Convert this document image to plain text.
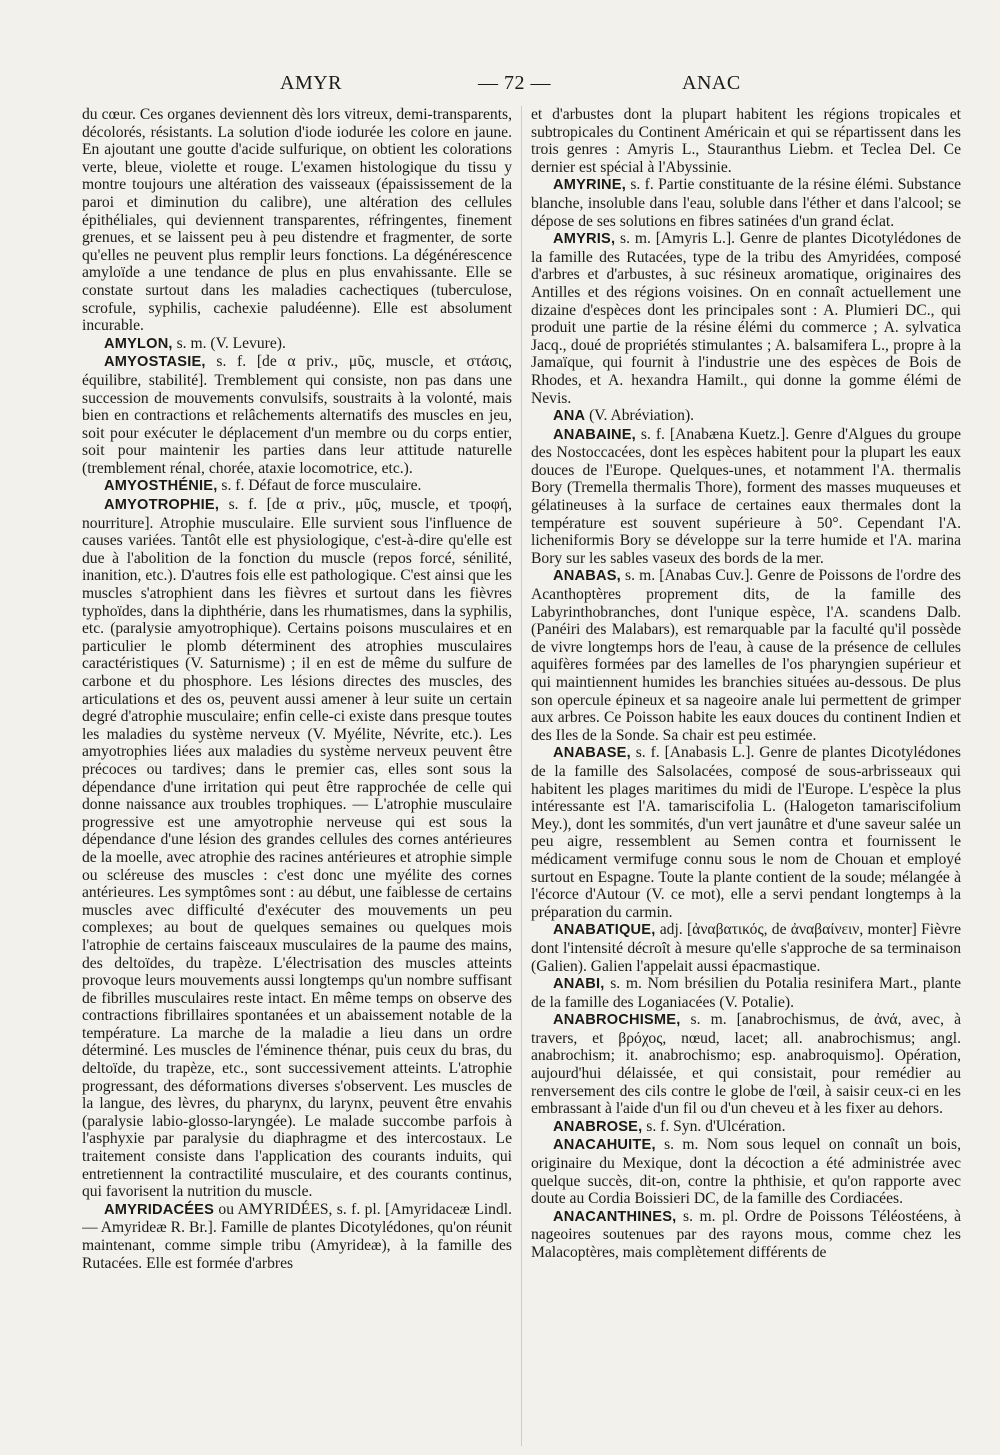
AMYR	— 72 —	ANAC

du cœur. Ces organes deviennent dès lors vitreux, demi-transparents, décolorés, résistants. La solution d'iode iodurée les colore en jaune. En ajoutant une goutte d'acide sulfurique, on obtient les colorations verte, bleue, violette et rouge. L'examen histologique du tissu y montre toujours une altération des vaisseaux (épaississement de la paroi et diminution du calibre), une altération des cellules épithéliales, qui deviennent transparentes, réfringentes, finement grenues, et se laissent peu à peu distendre et fragmenter, de sorte qu'elles ne peuvent plus remplir leurs fonctions. La dégénérescence amyloïde a une tendance de plus en plus envahissante. Elle se constate surtout dans les maladies cachectiques (tuberculose, scrofule, syphilis, cachexie paludéenne). Elle est absolument incurable.

AMYLON, s. m. (V. Levure).

AMYOSTASIE, s. f. [de α priv., μῦς, muscle, et στάσις, équilibre, stabilité]. Tremblement qui consiste, non pas dans une succession de mouvements convulsifs, soustraits à la volonté, mais bien en contractions et relâchements alternatifs des muscles en jeu, soit pour exécuter le déplacement d'un membre ou du corps entier, soit pour maintenir les parties dans leur attitude naturelle (tremblement rénal, chorée, ataxie locomotrice, etc.).

AMYOSTHÉNIE, s. f. Défaut de force musculaire.

AMYOTROPHIE, s. f. [de α priv., μῦς, muscle, et τροφή, nourriture]. Atrophie musculaire. Elle survient sous l'influence de causes variées. Tantôt elle est physiologique, c'est-à-dire qu'elle est due à l'abolition de la fonction du muscle (repos forcé, sénilité, inanition, etc.). D'autres fois elle est pathologique. C'est ainsi que les muscles s'atrophient dans les fièvres et surtout dans les fièvres typhoïdes, dans la diphthérie, dans les rhumatismes, dans la syphilis, etc. (paralysie amyotrophique). Certains poisons musculaires et en particulier le plomb déterminent des atrophies musculaires caractéristiques (V. Saturnisme) ; il en est de même du sulfure de carbone et du phosphore. Les lésions directes des muscles, des articulations et des os, peuvent aussi amener à leur suite un certain degré d'atrophie musculaire; enfin celle-ci existe dans presque toutes les maladies du système nerveux (V. Myélite, Névrite, etc.). Les amyotrophies liées aux maladies du système nerveux peuvent être précoces ou tardives; dans le premier cas, elles sont sous la dépendance d'une irritation qui peut être rapprochée de celle qui donne naissance aux troubles trophiques. — L'atrophie musculaire progressive est une amyotrophie nerveuse qui est sous la dépendance d'une lésion des grandes cellules des cornes antérieures de la moelle, avec atrophie des racines antérieures et atrophie simple ou scléreuse des muscles : c'est donc une myélite des cornes antérieures. Les symptômes sont : au début, une faiblesse de certains muscles avec difficulté d'exécuter des mouvements un peu complexes; au bout de quelques semaines ou quelques mois l'atrophie de certains faisceaux musculaires de la paume des mains, des deltoïdes, du trapèze. L'électrisation des muscles atteints provoque leurs mouvements aussi longtemps qu'un nombre suffisant de fibrilles musculaires reste intact. En même temps on observe des contractions fibrillaires spontanées et un abaissement notable de la température. La marche de la maladie a lieu dans un ordre déterminé. Les muscles de l'éminence thénar, puis ceux du bras, du deltoïde, du trapèze, etc., sont successivement atteints. L'atrophie progressant, des déformations diverses s'observent. Les muscles de la langue, des lèvres, du pharynx, du larynx, peuvent être envahis (paralysie labio-glosso-laryngée). Le malade succombe parfois à l'asphyxie par paralysie du diaphragme et des intercostaux. Le traitement consiste dans l'application des courants induits, qui entretiennent la contractilité musculaire, et des courants continus, qui favorisent la nutrition du muscle.

AMYRIDACÉES ou AMYRIDÉES, s. f. pl. [Amyridaceæ Lindl. — Amyrideæ R. Br.]. Famille de plantes Dicotylédones, qu'on réunit maintenant, comme simple tribu (Amyrideæ), à la famille des Rutacées. Elle est formée d'arbres

et d'arbustes dont la plupart habitent les régions tropicales et subtropicales du Continent Américain et qui se répartissent dans les trois genres : Amyris L., Stauranthus Liebm. et Teclea Del. Ce dernier est spécial à l'Abyssinie.

AMYRINE, s. f. Partie constituante de la résine élémi. Substance blanche, insoluble dans l'eau, soluble dans l'éther et dans l'alcool; se dépose de ses solutions en fibres satinées d'un grand éclat.

AMYRIS, s. m. [Amyris L.]. Genre de plantes Dicotylédones de la famille des Rutacées, type de la tribu des Amyridées, composé d'arbres et d'arbustes, à suc résineux aromatique, originaires des Antilles et des régions voisines. On en connaît actuellement une dizaine d'espèces dont les principales sont : A. Plumieri DC., qui produit une partie de la résine élémi du commerce ; A. sylvatica Jacq., doué de propriétés stimulantes ; A. balsamifera L., propre à la Jamaïque, qui fournit à l'industrie une des espèces de Bois de Rhodes, et A. hexandra Hamilt., qui donne la gomme élémi de Nevis.

ANA (V. Abréviation).

ANABAINE, s. f. [Anabæna Kuetz.]. Genre d'Algues du groupe des Nostoccacées, dont les espèces habitent pour la plupart les eaux douces de l'Europe. Quelques-unes, et notamment l'A. thermalis Bory (Tremella thermalis Thore), forment des masses muqueuses et gélatineuses à la surface de certaines eaux thermales dont la température est souvent supérieure à 50°. Cependant l'A. licheniformis Bory se développe sur la terre humide et l'A. marina Bory sur les sables vaseux des bords de la mer.

ANABAS, s. m. [Anabas Cuv.]. Genre de Poissons de l'ordre des Acanthoptères proprement dits, de la famille des Labyrinthobranches, dont l'unique espèce, l'A. scandens Dalb. (Panéiri des Malabars), est remarquable par la faculté qu'il possède de vivre longtemps hors de l'eau, à cause de la présence de cellules aquifères formées par des lamelles de l'os pharyngien supérieur et qui maintiennent humides les branchies situées au-dessous. De plus son opercule épineux et sa nageoire anale lui permettent de grimper aux arbres. Ce Poisson habite les eaux douces du continent Indien et des Iles de la Sonde. Sa chair est peu estimée.

ANABASE, s. f. [Anabasis L.]. Genre de plantes Dicotylédones de la famille des Salsolacées, composé de sous-arbrisseaux qui habitent les plages maritimes du midi de l'Europe. L'espèce la plus intéressante est l'A. tamariscifolia L. (Halogeton tamariscifolium Mey.), dont les sommités, d'un vert jaunâtre et d'une saveur salée un peu aigre, ressemblent au Semen contra et fournissent le médicament vermifuge connu sous le nom de Chouan et employé surtout en Espagne. Toute la plante contient de la soude; mélangée à l'écorce d'Autour (V. ce mot), elle a servi pendant longtemps à la préparation du carmin.

ANABATIQUE, adj. [ἀναβατικός, de ἀναβαίνειν, monter] Fièvre dont l'intensité décroît à mesure qu'elle s'approche de sa terminaison (Galien). Galien l'appelait aussi épacmastique.

ANABI, s. m. Nom brésilien du Potalia resinifera Mart., plante de la famille des Loganiacées (V. Potalie).

ANABROCHISME, s. m. [anabrochismus, de ἀνά, avec, à travers, et βρόχος, nœud, lacet; all. anabrochismus; angl. anabrochism; it. anabrochismo; esp. anabroquismo]. Opération, aujourd'hui délaissée, et qui consistait, pour remédier au renversement des cils contre le globe de l'œil, à saisir ceux-ci en les embrassant à l'aide d'un fil ou d'un cheveu et à les fixer au dehors.

ANABROSE, s. f. Syn. d'Ulcération.

ANACAHUITE, s. m. Nom sous lequel on connaît un bois, originaire du Mexique, dont la décoction a été administrée avec quelque succès, dit-on, contre la phthisie, et qu'on rapporte avec doute au Cordia Boissieri DC, de la famille des Cordiacées.

ANACANTHINES, s. m. pl. Ordre de Poissons Téléostéens, à nageoires soutenues par des rayons mous, comme chez les Malacoptères, mais complètement différents de
